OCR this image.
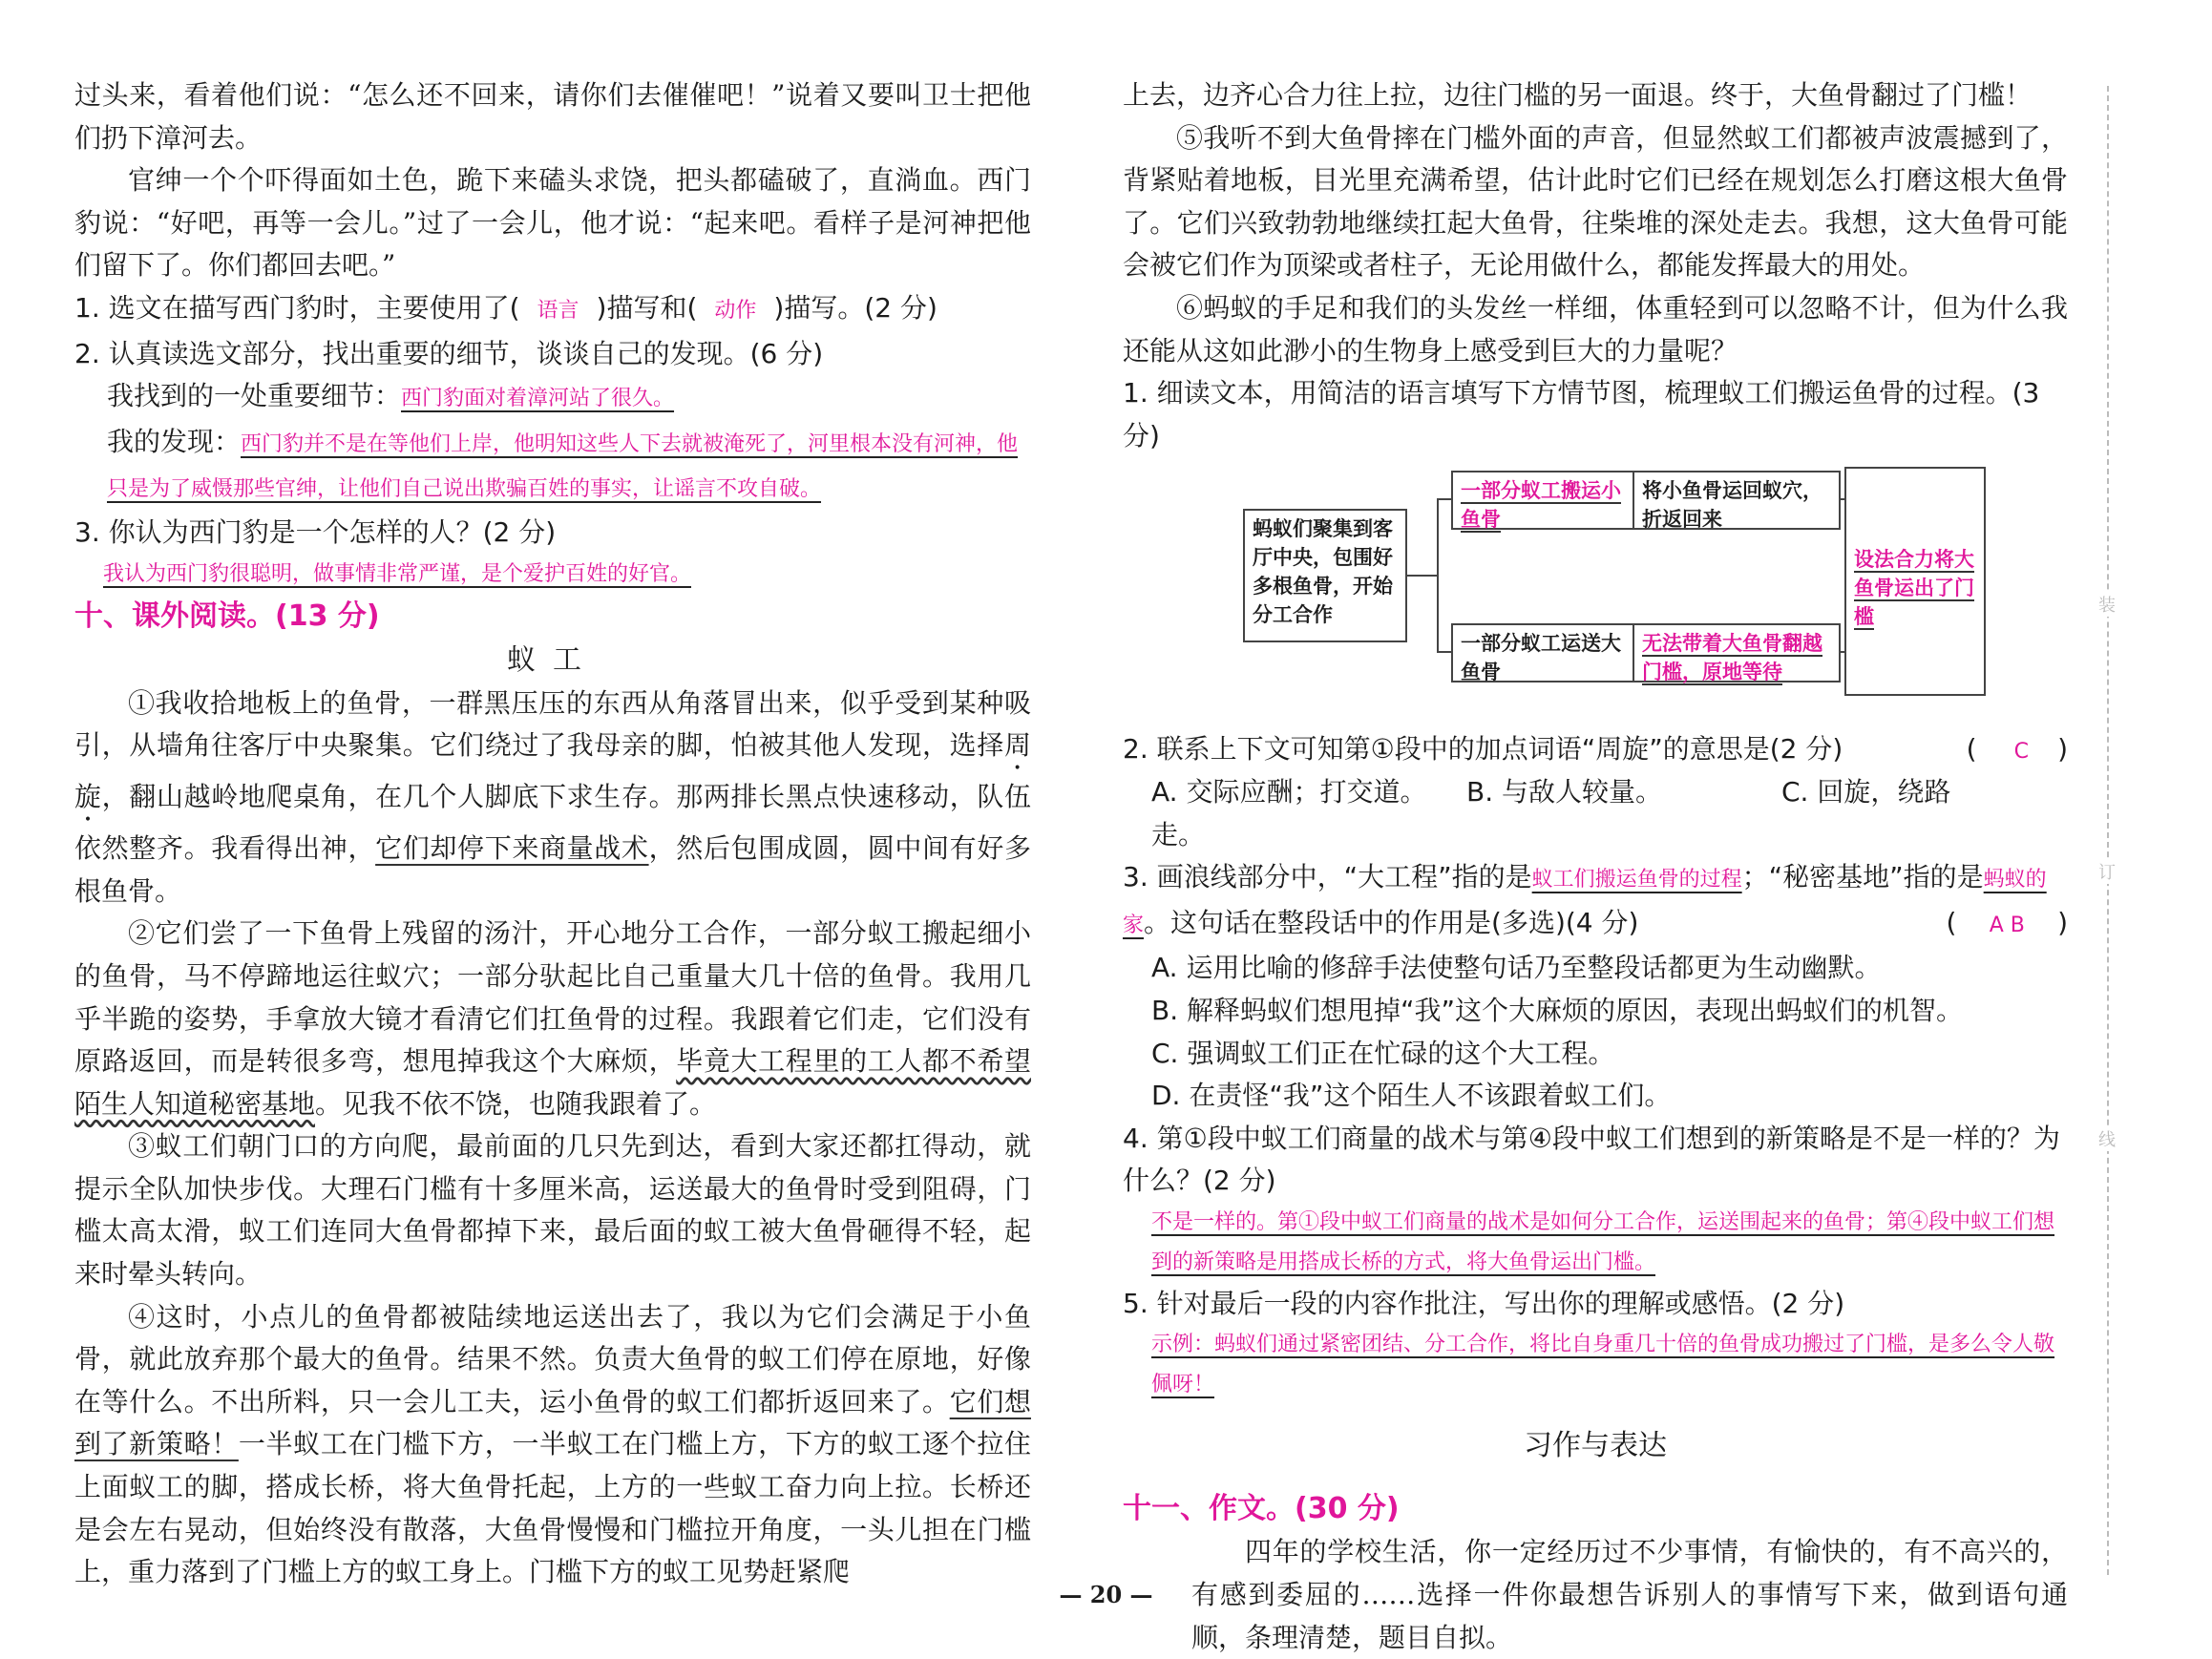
过头来，看着他们说：“怎么还不回来，请你们去催催吧！”说着又要叫卫士把他们扔下漳河去。

官绅一个个吓得面如土色，跪下来磕头求饶，把头都磕破了，直淌血。西门豹说：“好吧，再等一会儿。”过了一会儿，他才说：“起来吧。看样子是河神把他们留下了。你们都回去吧。”

1. 选文在描写西门豹时，主要使用了( 语言 )描写和( 动作 )描写。(2 分)

2. 认真读选文部分，找出重要的细节，谈谈自己的发现。(6 分)

我找到的一处重要细节：西门豹面对着漳河站了很久。

我的发现：西门豹并不是在等他们上岸，他明知这些人下去就被淹死了，河里根本没有河神，他只是为了威慑那些官绅，让他们自己说出欺骗百姓的事实，让谣言不攻自破。

3. 你认为西门豹是一个怎样的人？(2 分)

我认为西门豹很聪明，做事情非常严谨，是个爱护百姓的好官。

十、课外阅读。(13 分)

蚁工

①我收拾地板上的鱼骨，一群黑压压的东西从角落冒出来，似乎受到某种吸引，从墙角往客厅中央聚集。它们绕过了我母亲的脚，怕被其他人发现，选择周旋，翻山越岭地爬桌角，在几个人脚底下求生存。那两排长黑点快速移动，队伍依然整齐。我看得出神，它们却停下来商量战术，然后包围成圆，圆中间有好多根鱼骨。

②它们尝了一下鱼骨上残留的汤汁，开心地分工合作，一部分蚁工搬起细小的鱼骨，马不停蹄地运往蚁穴；一部分驮起比自己重量大几十倍的鱼骨。我用几乎半跪的姿势，手拿放大镜才看清它们扛鱼骨的过程。我跟着它们走，它们没有原路返回，而是转很多弯，想甩掉我这个大麻烦，毕竟大工程里的工人都不希望陌生人知道秘密基地。见我不依不饶，也随我跟着了。

③蚁工们朝门口的方向爬，最前面的几只先到达，看到大家还都扛得动，就提示全队加快步伐。大理石门槛有十多厘米高，运送最大的鱼骨时受到阻碍，门槛太高太滑，蚁工们连同大鱼骨都掉下来，最后面的蚁工被大鱼骨砸得不轻，起来时晕头转向。

④这时，小点儿的鱼骨都被陆续地运送出去了，我以为它们会满足于小鱼骨，就此放弃那个最大的鱼骨。结果不然。负责大鱼骨的蚁工们停在原地，好像在等什么。不出所料，只一会儿工夫，运小鱼骨的蚁工们都折返回来了。它们想到了新策略！一半蚁工在门槛下方，一半蚁工在门槛上方，下方的蚁工逐个拉住上面蚁工的脚，搭成长桥，将大鱼骨托起，上方的一些蚁工奋力向上拉。长桥还是会左右晃动，但始终没有散落，大鱼骨慢慢和门槛拉开角度，一头儿担在门槛上，重力落到了门槛上方的蚁工身上。门槛下方的蚁工见势赶紧爬

上去，边齐心合力往上拉，边往门槛的另一面退。终于，大鱼骨翻过了门槛！

⑤我听不到大鱼骨摔在门槛外面的声音，但显然蚁工们都被声波震撼到了，背紧贴着地板，目光里充满希望，估计此时它们已经在规划怎么打磨这根大鱼骨了。它们兴致勃勃地继续扛起大鱼骨，往柴堆的深处走去。我想，这大鱼骨可能会被它们作为顶梁或者柱子，无论用做什么，都能发挥最大的用处。

⑥蚂蚁的手足和我们的头发丝一样细，体重轻到可以忽略不计，但为什么我还能从这如此渺小的生物身上感受到巨大的力量呢？

1. 细读文本，用简洁的语言填写下方情节图，梳理蚁工们搬运鱼骨的过程。(3 分)

蚂蚁们聚集到客厅中央，包围好多根鱼骨，开始分工合作
一部分蚁工搬运小鱼骨
将小鱼骨运回蚁穴，折返回来
一部分蚁工运送大鱼骨
无法带着大鱼骨翻越门槛，原地等待
设法合力将大鱼骨运出了门槛

2. 联系上下文可知第①段中的加点词语“周旋”的意思是(2 分)	(   C  )

A. 交际应酬；打交道。 B. 与敌人较量。	C. 回旋，绕路走。

3. 画浪线部分中，“大工程”指的是蚁工们搬运鱼骨的过程；“秘密基地”指的是蚂蚁的家。这句话在整段话中的作用是(多选)(4 分)	(  A B  )

A. 运用比喻的修辞手法使整句话乃至整段话都更为生动幽默。

B. 解释蚂蚁们想甩掉“我”这个大麻烦的原因，表现出蚂蚁们的机智。

C. 强调蚁工们正在忙碌的这个大工程。

D. 在责怪“我”这个陌生人不该跟着蚁工们。

4. 第①段中蚁工们商量的战术与第④段中蚁工们想到的新策略是不是一样的？为什么？(2 分)

不是一样的。第①段中蚁工们商量的战术是如何分工合作，运送围起来的鱼骨；第④段中蚁工们想到的新策略是用搭成长桥的方式，将大鱼骨运出门槛。

5. 针对最后一段的内容作批注，写出你的理解或感悟。(2 分)

示例：蚂蚁们通过紧密团结、分工合作，将比自身重几十倍的鱼骨成功搬过了门槛，是多么令人敬佩呀！

习作与表达

十一、作文。(30 分)

四年的学校生活，你一定经历过不少事情，有愉快的，有不高兴的，有感到委屈的……选择一件你最想告诉别人的事情写下来，做到语句通顺，条理清楚，题目自拟。

装
订
线
— 20 —
